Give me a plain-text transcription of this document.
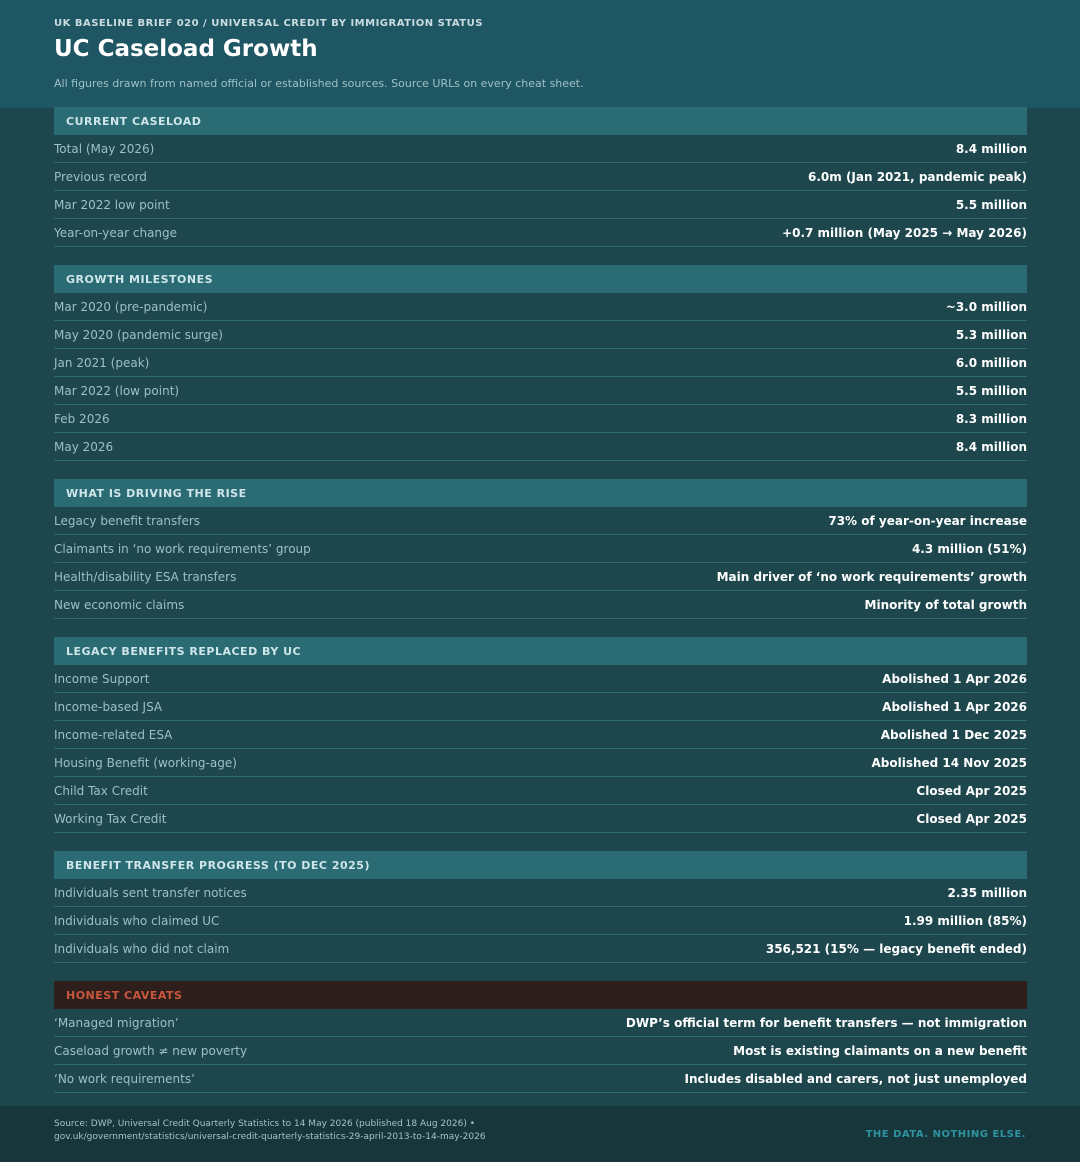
UK BASELINE BRIEF 020 / UNIVERSAL CREDIT BY IMMIGRATION STATUS
UC Caseload Growth
All figures drawn from named official or established sources. Source URLs on every cheat sheet.
CURRENT CASELOAD
Total (May 2026)	8.4 million
Previous record	6.0m (Jan 2021, pandemic peak)
Mar 2022 low point	5.5 million
Year-on-year change	+0.7 million (May 2025 → May 2026)
GROWTH MILESTONES
Mar 2020 (pre-pandemic)	~3.0 million
May 2020 (pandemic surge)	5.3 million
Jan 2021 (peak)	6.0 million
Mar 2022 (low point)	5.5 million
Feb 2026	8.3 million
May 2026	8.4 million
WHAT IS DRIVING THE RISE
Legacy benefit transfers	73% of year-on-year increase
Claimants in ‘no work requirements’ group	4.3 million (51%)
Health/disability ESA transfers	Main driver of ‘no work requirements’ growth
New economic claims	Minority of total growth
LEGACY BENEFITS REPLACED BY UC
Income Support	Abolished 1 Apr 2026
Income-based JSA	Abolished 1 Apr 2026
Income-related ESA	Abolished 1 Dec 2025
Housing Benefit (working-age)	Abolished 14 Nov 2025
Child Tax Credit	Closed Apr 2025
Working Tax Credit	Closed Apr 2025
BENEFIT TRANSFER PROGRESS (TO DEC 2025)
Individuals sent transfer notices	2.35 million
Individuals who claimed UC	1.99 million (85%)
Individuals who did not claim	356,521 (15% — legacy benefit ended)
HONEST CAVEATS
‘Managed migration’	DWP’s official term for benefit transfers — not immigration
Caseload growth ≠ new poverty	Most is existing claimants on a new benefit
‘No work requirements’	Includes disabled and carers, not just unemployed
Source: DWP, Universal Credit Quarterly Statistics to 14 May 2026 (published 18 Aug 2026) •
gov.uk/government/statistics/universal-credit-quarterly-statistics-29-april-2013-to-14-may-2026	THE DATA. NOTHING ELSE.
